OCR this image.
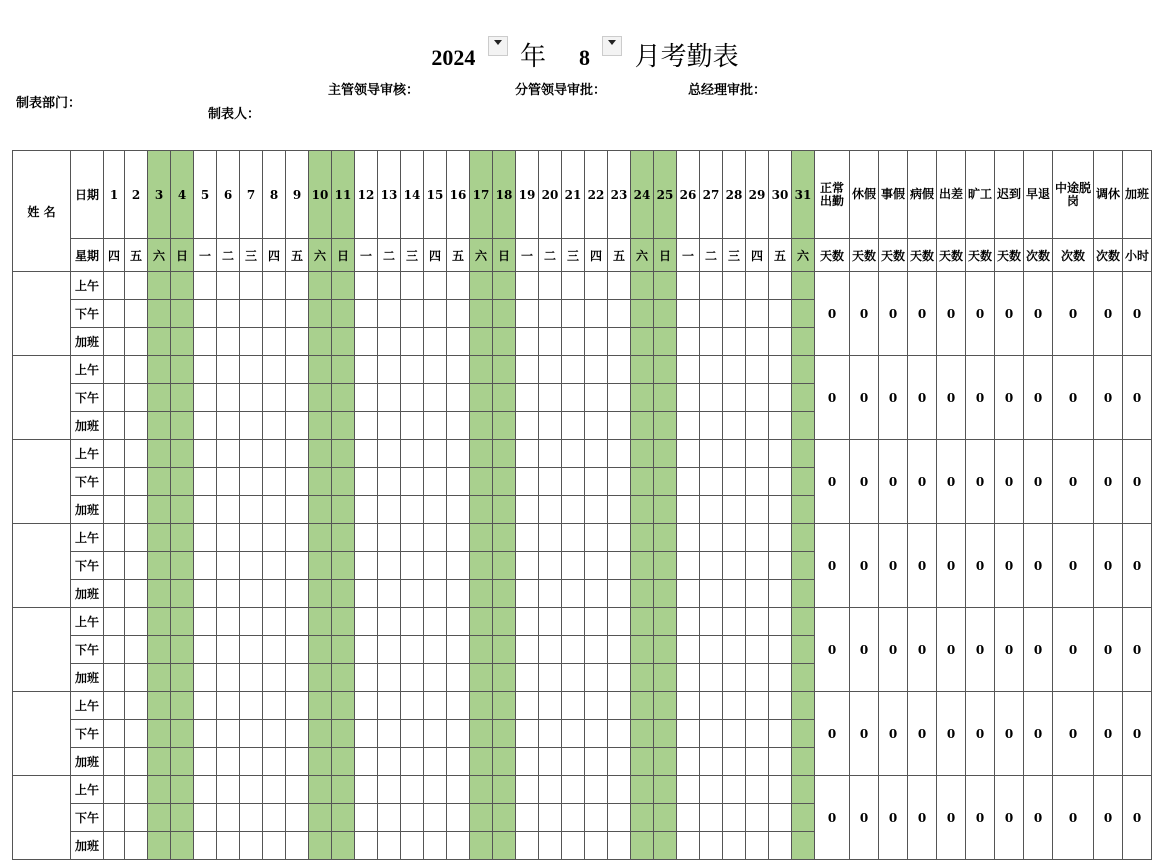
2024 年 8 月考勤表
制表部门：
主管领导审核：	分管领导审批：	总经理审批：
制表人：
姓 名	日期	1	2	3	4	5	6	7	8	9	10	11	12	13	14	15	16	17	18	19	20	21	22	23	24	25	26	27	28	29	30	31	正常出勤	休假	事假	病假	出差	旷工	迟到	早退	中途脱岗	调休	加班
	星期	四	五	六	日	一	二	三	四	五	六	日	一	二	三	四	五	六	日	一	二	三	四	五	六	日	一	二	三	四	五	六	天数	天数	天数	天数	天数	天数	天数	次数	次数	次数	小时
	上午																																0	0	0	0	0	0	0	0	0	0	0
	下午																																										
	加班																																										
	上午																																0	0	0	0	0	0	0	0	0	0	0
	下午																																										
	加班																																										
	上午																																0	0	0	0	0	0	0	0	0	0	0
	下午																																										
	加班																																										
	上午																																0	0	0	0	0	0	0	0	0	0	0
	下午																																										
	加班																																										
	上午																																0	0	0	0	0	0	0	0	0	0	0
	下午																																										
	加班																																										
	上午																																0	0	0	0	0	0	0	0	0	0	0
	下午																																										
	加班																																										
	上午																																0	0	0	0	0	0	0	0	0	0	0
	下午																																										
	加班																																										
